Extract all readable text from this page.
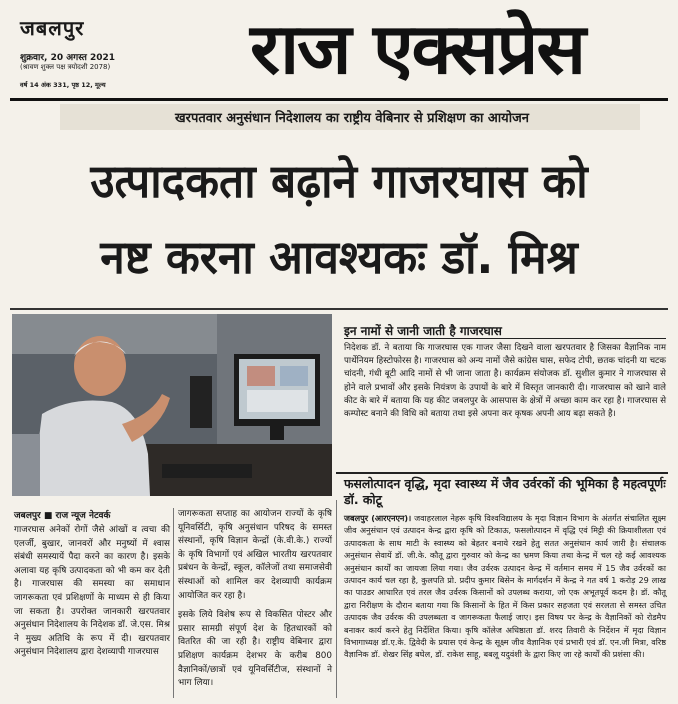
जबलपुर
शुक्रवार, 20 अगस्त 2021
(श्रावण शुक्ल पक्ष त्रयोदशी 2078)
वर्ष 14 अंक 331, पृष्ठ 12, मूल्य	राज एक्सप्रेस
खरपतवार अनुसंधान निदेशालय का राष्ट्रीय वेबिनार से प्रशिक्षण का आयोजन
उत्पादकता बढ़ाने गाजरघास को
नष्ट करना आवश्यकः डॉ. मिश्र
इन नामों से जानी जाती है गाजरघास
निदेशक डॉ. ने बताया कि गाजरघास एक गाजर जैसा दिखने वाला खरपतवार है जिसका वैज्ञानिक नाम पार्थेनियम हिस्टोफोरस है। गाजरघास को अन्य नामों जैसे कांग्रेस घास, सफेद टोपी, छतक चांदनी या चटक चांदनी, गंधी बूटी आदि नामों से भी जाना जाता है। कार्यक्रम संयोजक डॉ. सुशील कुमार ने गाजरघास से होने वाले प्रभावों और इसके नियंत्रण के उपायों के बारे में विस्तृत जानकारी दी। गाजरघास को खाने वाले कीट के बारे में बताया कि यह कीट जबलपुर के आसपास के क्षेत्रों में अच्छा काम कर रहा है। गाजरघास से कम्पोस्ट बनाने की विधि को बताया तथा इसे अपना कर कृषक अपनी आय बढ़ा सकते है।
फसलोत्पादन वृद्धि, मृदा स्वास्थ्य में जैव उर्वरकों की भूमिका है महत्वपूर्णः डॉ. कोटू
जबलपुर (आरएनएन)। जवाहरलाल नेहरू कृषि विश्वविद्यालय के मृदा विज्ञान विभाग के अंतर्गत संचालित सूक्ष्म जीव अनुसंधान एवं उत्पादन केन्द्र द्वारा कृषि को टिकाऊ, फसलोत्पादन में वृद्धि एवं मिट्टी की क्रियाशीलता एवं उत्पादकता के साथ माटी के स्वास्थ्य को बेहतर बनाये रखने हेतु सतत अनुसंधान कार्य जारी है। संचालक अनुसंधान सेवायें डॉ. जी.के. कौतू द्वारा गुरुवार को केन्द्र का भ्रमण किया तथा केन्द्र में चल रहे कई आवश्यक अनुसंधान कार्यों का जायजा लिया गया। जैव उर्वरक उत्पादन केन्द्र में वर्तमान समय में 15 जैव उर्वरकों का उत्पादन कार्य चल रहा है, कुलपति प्रो. प्रदीप कुमार बिसेन के मार्गदर्शन में केन्द्र ने गत वर्ष 1 करोड़ 29 लाख का पाउडर आधारित एवं तरल जैव उर्वरक किसानों को उपलब्ध कराया, जो एक अभूतपूर्व कदम है। डॉ. कौतू द्वारा निरीक्षण के दौरान बताया गया कि किसानों के हित में किस प्रकार सहजता एवं सरलता से समस्त उचित उत्पादक जैव उर्वरक की उपलब्धता व जागरूकता फैलाई जाए। इस विषय पर केन्द्र के वैज्ञानिकों को रोडमैप बनाकर कार्य करने हेतु निर्देशित किया। कृषि कॉलेज अधिष्ठाता डॉ. शरद तिवारी के निर्देशन में मृदा विज्ञान विभागाध्यक्ष डॉ.ए.के. द्विवेदी के प्रयास एवं केन्द्र के सूक्ष्म जीव वैज्ञानिक एवं प्रभारी एवं डॉ. एन.जी मित्रा, वरिष्ठ वैज्ञानिक डॉ. शेखर सिंह बघेल, डॉ. राकेश साहू, बबलू यदुवंशी के द्वारा किए जा रहे कार्यों की प्रशंसा की।
जबलपुर ■ राज न्यूज नेटवर्क
गाजरघास अनेकों रोगों जैसे आंखों व त्वचा की एलर्जी, बुखार, जानवरों और मनुष्यों में श्वास संबंधी समस्यायें पैदा करने का कारण है। इसके अलावा यह कृषि उत्पादकता को भी कम कर देती है। गाजरघास की समस्या का समाधान जागरूकता एवं प्रशिक्षणों के माध्यम से ही किया जा सकता है। उपरोक्त जानकारी खरपतवार अनुसंधान निदेशालय के निदेशक डॉ. जे.एस. मिश्र ने मुख्य अतिथि के रूप में दी। खरपतवार अनुसंधान निदेशालय द्वारा देशव्यापी गाजरघास
जागरूकता सप्ताह का आयोजन राज्यों के कृषि यूनिवर्सिटी, कृषि अनुसंधान परिषद के समस्त संस्थानों, कृषि विज्ञान केन्द्रों (के.वी.के.) राज्यों के कृषि विभागों एवं अखिल भारतीय खरपतवार प्रबंधन के केन्द्रों, स्कूल, कॉलेजों तथा समाजसेवी संस्थाओं को शामिल कर देशव्यापी कार्यक्रम आयोजित कर रहा है।
इसके लिये विशेष रूप से विकसित पोस्टर और प्रसार सामग्री संपूर्ण देश के हितधारकों को वितरित की जा रही है। राष्ट्रीय वेबिनार द्वारा प्रशिक्षण कार्यक्रम देशभर के करीब 800 वैज्ञानिकों/छात्रों एवं यूनिवर्सिटीज, संस्थानों ने भाग लिया।
